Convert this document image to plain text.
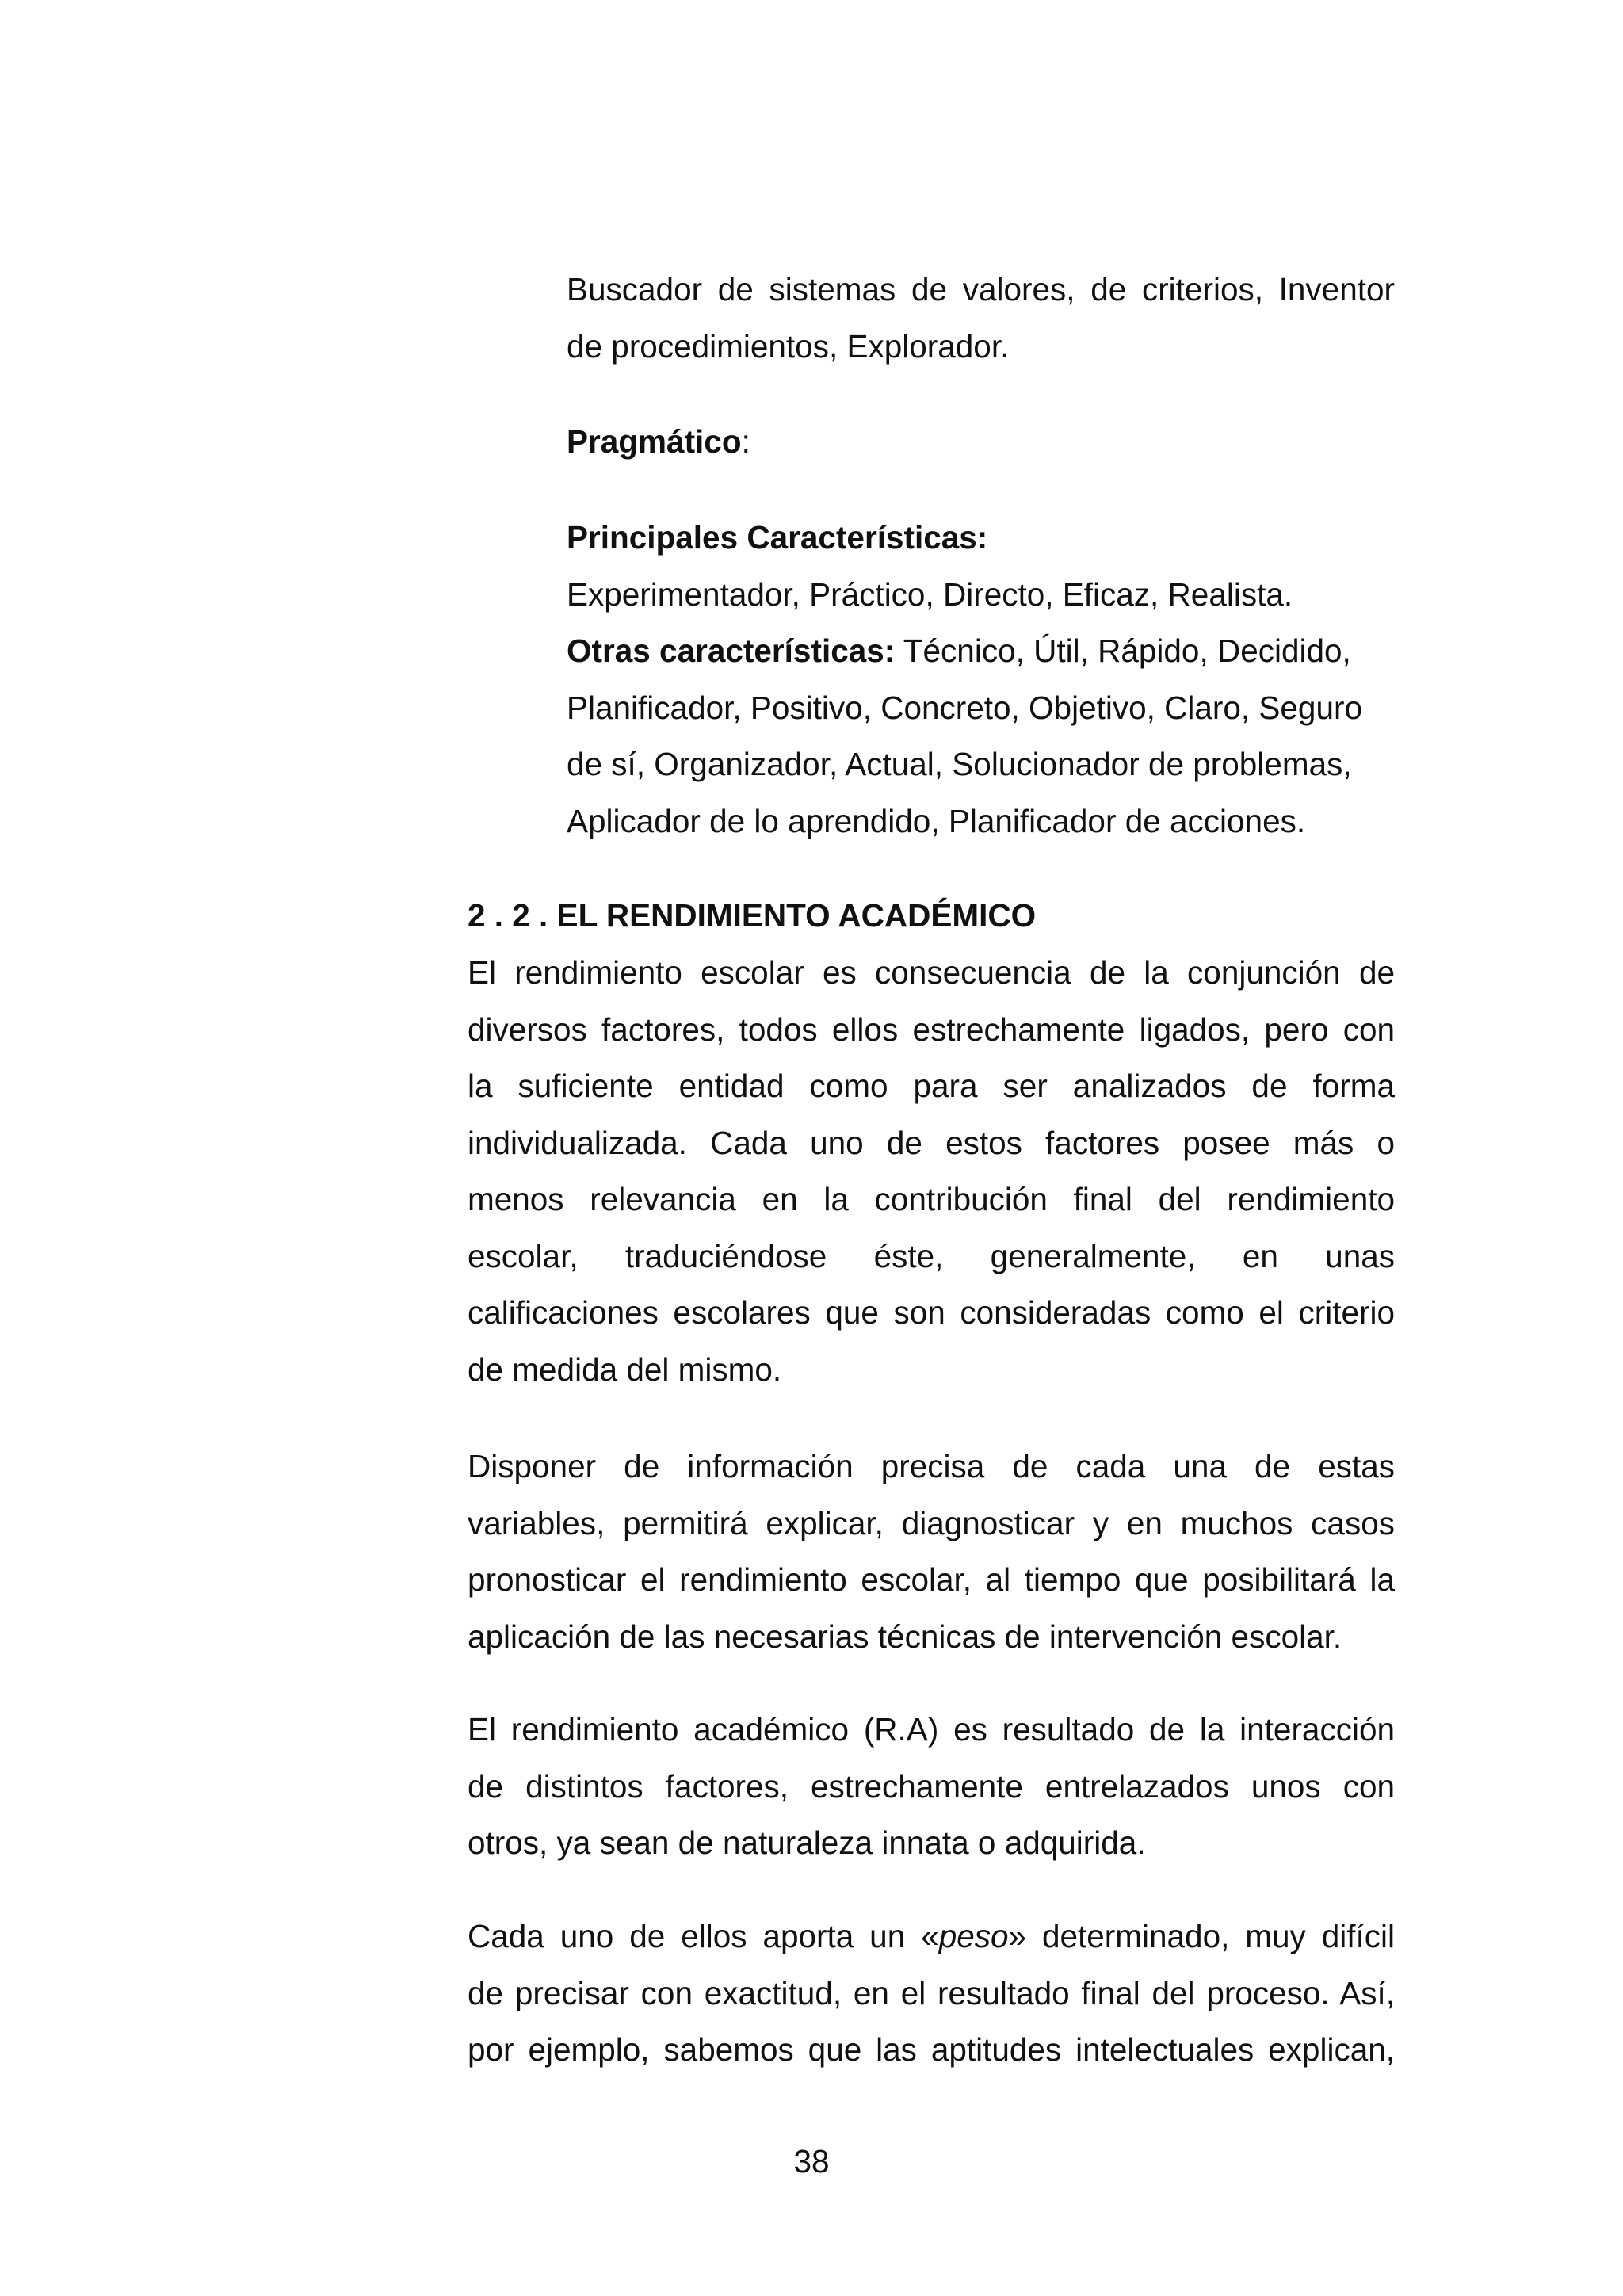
Buscador de sistemas de valores, de criterios, Inventor
de procedimientos, Explorador.
Pragmático:
Principales Características:
Experimentador, Práctico, Directo, Eficaz, Realista.
Otras características: Técnico, Útil, Rápido, Decidido,
Planificador, Positivo, Concreto, Objetivo, Claro, Seguro
de sí, Organizador, Actual, Solucionador de problemas,
Aplicador de lo aprendido, Planificador de acciones.
2 . 2 . EL RENDIMIENTO ACADÉMICO
El rendimiento escolar es consecuencia de la conjunción de
diversos factores, todos ellos estrechamente ligados, pero con
la suficiente entidad como para ser analizados de forma
individualizada. Cada uno de estos factores posee más o
menos relevancia en la contribución final del rendimiento
escolar, traduciéndose éste, generalmente, en unas
calificaciones escolares que son consideradas como el criterio
de medida del mismo.
Disponer de información precisa de cada una de estas
variables, permitirá explicar, diagnosticar y en muchos casos
pronosticar el rendimiento escolar, al tiempo que posibilitará la
aplicación de las necesarias técnicas de intervención escolar.
El rendimiento académico (R.A) es resultado de la interacción
de distintos factores, estrechamente entrelazados unos con
otros, ya sean de naturaleza innata o adquirida.
Cada uno de ellos aporta un «peso» determinado, muy difícil
de precisar con exactitud, en el resultado final del proceso. Así,
por ejemplo, sabemos que las aptitudes intelectuales explican,
38
